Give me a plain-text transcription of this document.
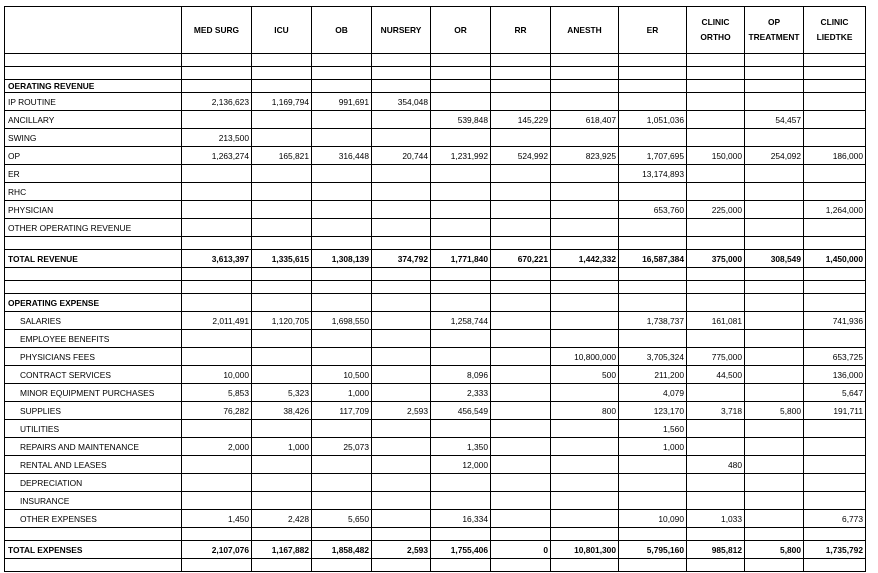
	MED SURG	ICU	OB	NURSERY	OR	RR	ANESTH	ER	CLINIC ORTHO	OP TREATMENT	CLINIC LIEDTKE

OERATING REVENUE											
IP ROUTINE	2,136,623	1,169,794	991,691	354,048							
ANCILLARY					539,848	145,229	618,407	1,051,036		54,457	
SWING	213,500										
OP	1,263,274	165,821	316,448	20,744	1,231,992	524,992	823,925	1,707,695	150,000	254,092	186,000
ER								13,174,893			
RHC											
PHYSICIAN								653,760	225,000		1,264,000
OTHER OPERATING REVENUE											

TOTAL REVENUE	3,613,397	1,335,615	1,308,139	374,792	1,771,840	670,221	1,442,332	16,587,384	375,000	308,549	1,450,000

OPERATING EXPENSE											
SALARIES	2,011,491	1,120,705	1,698,550		1,258,744			1,738,737	161,081		741,936
EMPLOYEE BENEFITS											
PHYSICIANS FEES							10,800,000	3,705,324	775,000		653,725
CONTRACT SERVICES	10,000		10,500		8,096		500	211,200	44,500		136,000
MINOR EQUIPMENT PURCHASES	5,853	5,323	1,000		2,333			4,079			5,647
SUPPLIES	76,282	38,426	117,709	2,593	456,549		800	123,170	3,718	5,800	191,711
UTILITIES								1,560			
REPAIRS AND MAINTENANCE	2,000	1,000	25,073		1,350			1,000			
RENTAL AND LEASES					12,000				480		
DEPRECIATION											
INSURANCE											
OTHER EXPENSES	1,450	2,428	5,650		16,334			10,090	1,033		6,773

TOTAL EXPENSES	2,107,076	1,167,882	1,858,482	2,593	1,755,406	0	10,801,300	5,795,160	985,812	5,800	1,735,792
